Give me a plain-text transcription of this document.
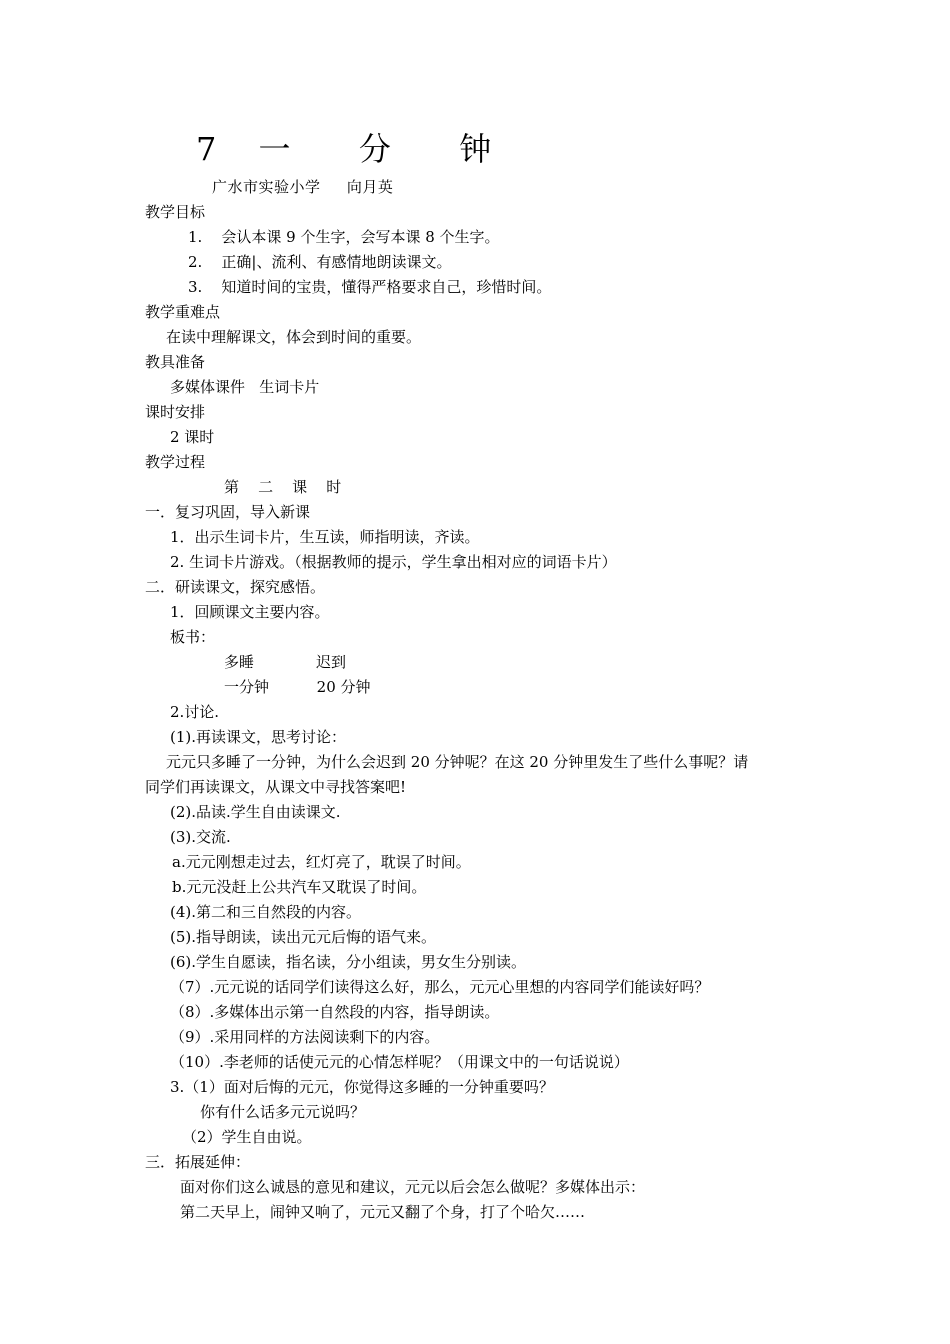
7 一  分  钟
广水市实验小学     向月英
教学目标
1.    会认本课 9 个生字，会写本课 8 个生字。
2.    正确|、流利、有感情地朗读课文。
3.    知道时间的宝贵，懂得严格要求自己，珍惜时间。
教学重难点
在读中理解课文，体会到时间的重要。
教具准备
多媒体课件   生词卡片
课时安排
2 课时
教学过程
第    二    课    时
一．复习巩固，导入新课
1．出示生词卡片，生互读，师指明读，齐读。
2. 生词卡片游戏。（根据教师的提示，学生拿出相对应的词语卡片）
二．研读课文，探究感悟。
1．回顾课文主要内容。
板书：
多睡             迟到
一分钟          20 分钟
2.讨论.
(1).再读课文，思考讨论：
元元只多睡了一分钟，为什么会迟到 20 分钟呢？在这 20 分钟里发生了些什么事呢？请
同学们再读课文，从课文中寻找答案吧!
(2).品读.学生自由读课文.
(3).交流.
a.元元刚想走过去，红灯亮了，耽误了时间。
b.元元没赶上公共汽车又耽误了时间。
(4).第二和三自然段的内容。
(5).指导朗读，读出元元后悔的语气来。
(6).学生自愿读，指名读，分小组读，男女生分别读。
（7）.元元说的话同学们读得这么好，那么，元元心里想的内容同学们能读好吗？
（8）.多媒体出示第一自然段的内容，指导朗读。
（9）.采用同样的方法阅读剩下的内容。
（10）.李老师的话使元元的心情怎样呢？（用课文中的一句话说说）
3.（1）面对后悔的元元，你觉得这多睡的一分钟重要吗？
你有什么话多元元说吗？
（2）学生自由说。
三．拓展延伸：
面对你们这么诚恳的意见和建议，元元以后会怎么做呢？多媒体出示：
第二天早上，闹钟又响了，元元又翻了个身，打了个哈欠……
